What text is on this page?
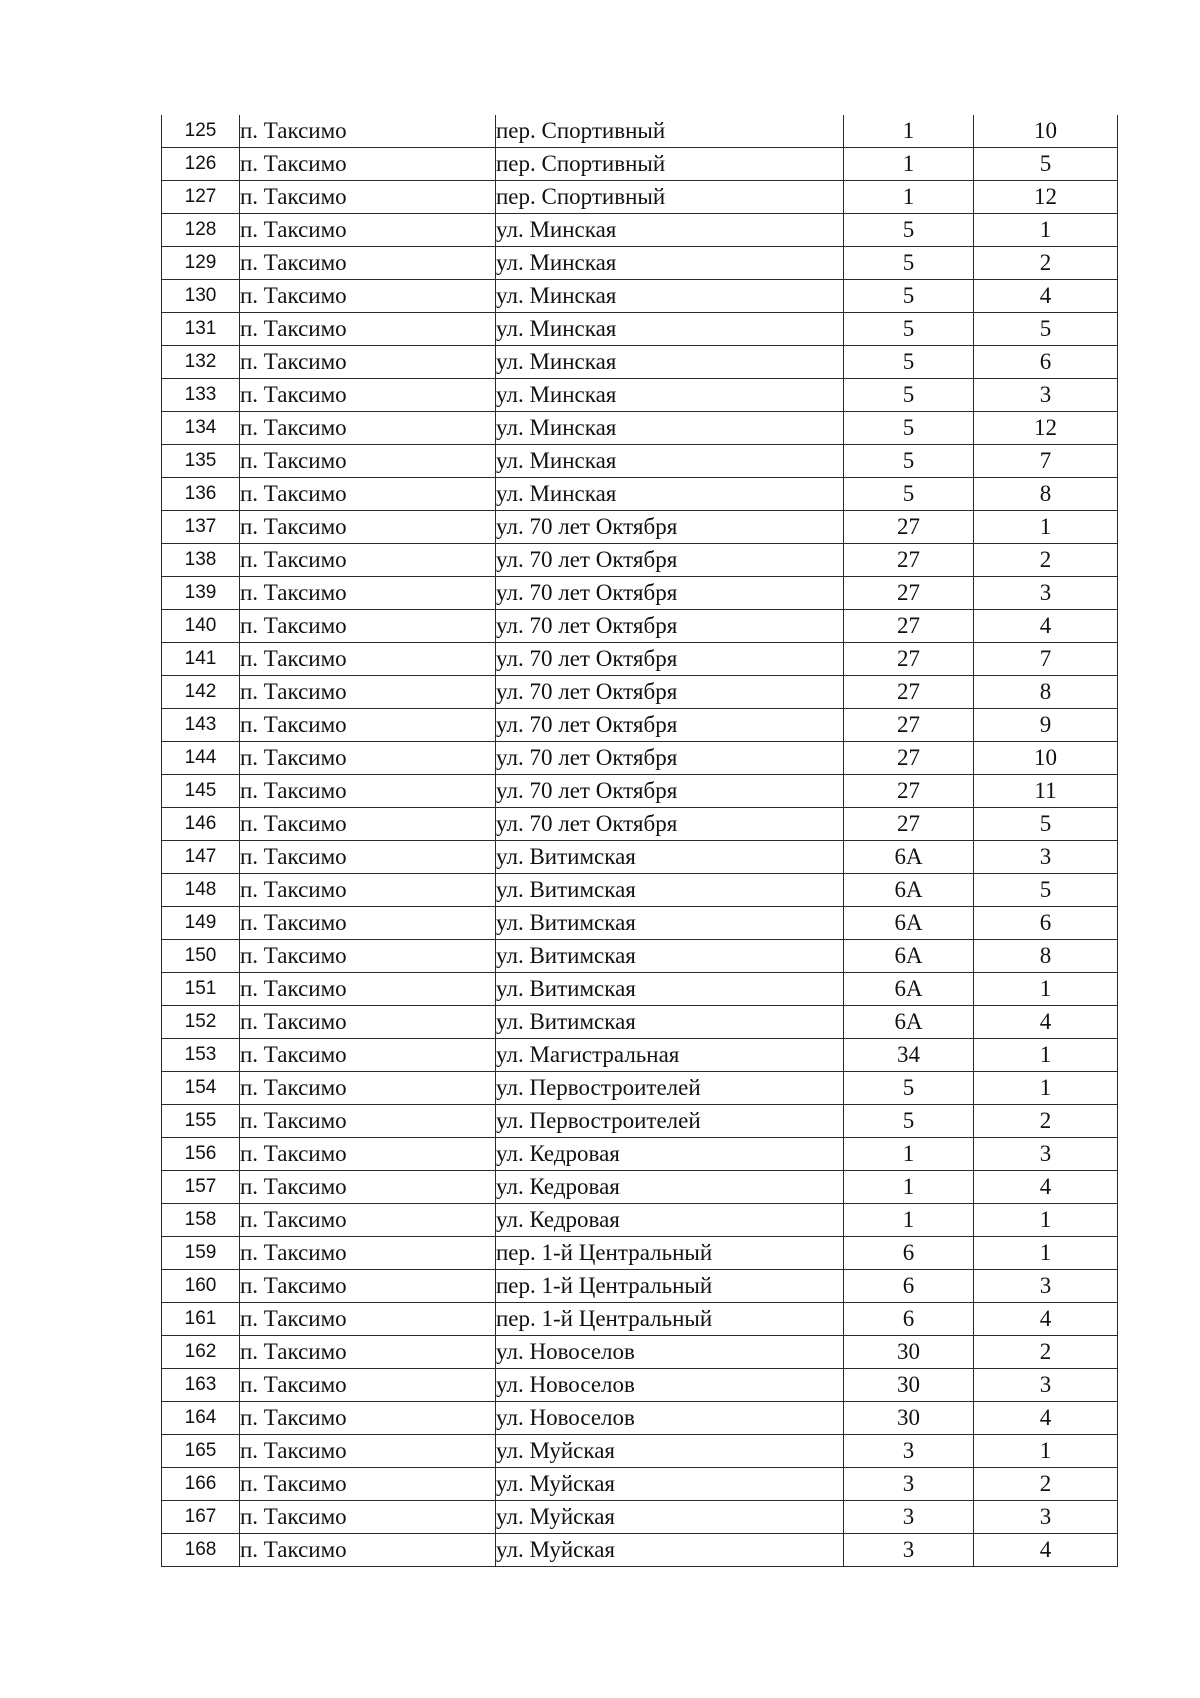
125	п. Таксимо	пер. Спортивный	1	10
126	п. Таксимо	пер. Спортивный	1	5
127	п. Таксимо	пер. Спортивный	1	12
128	п. Таксимо	ул. Минская	5	1
129	п. Таксимо	ул. Минская	5	2
130	п. Таксимо	ул. Минская	5	4
131	п. Таксимо	ул. Минская	5	5
132	п. Таксимо	ул. Минская	5	6
133	п. Таксимо	ул. Минская	5	3
134	п. Таксимо	ул. Минская	5	12
135	п. Таксимо	ул. Минская	5	7
136	п. Таксимо	ул. Минская	5	8
137	п. Таксимо	ул. 70 лет Октября	27	1
138	п. Таксимо	ул. 70 лет Октября	27	2
139	п. Таксимо	ул. 70 лет Октября	27	3
140	п. Таксимо	ул. 70 лет Октября	27	4
141	п. Таксимо	ул. 70 лет Октября	27	7
142	п. Таксимо	ул. 70 лет Октября	27	8
143	п. Таксимо	ул. 70 лет Октября	27	9
144	п. Таксимо	ул. 70 лет Октября	27	10
145	п. Таксимо	ул. 70 лет Октября	27	11
146	п. Таксимо	ул. 70 лет Октября	27	5
147	п. Таксимо	ул. Витимская	6А	3
148	п. Таксимо	ул. Витимская	6А	5
149	п. Таксимо	ул. Витимская	6А	6
150	п. Таксимо	ул. Витимская	6А	8
151	п. Таксимо	ул. Витимская	6А	1
152	п. Таксимо	ул. Витимская	6А	4
153	п. Таксимо	ул. Магистральная	34	1
154	п. Таксимо	ул. Первостроителей	5	1
155	п. Таксимо	ул. Первостроителей	5	2
156	п. Таксимо	ул. Кедровая	1	3
157	п. Таксимо	ул. Кедровая	1	4
158	п. Таксимо	ул. Кедровая	1	1
159	п. Таксимо	пер. 1-й Центральный	6	1
160	п. Таксимо	пер. 1-й Центральный	6	3
161	п. Таксимо	пер. 1-й Центральный	6	4
162	п. Таксимо	ул. Новоселов	30	2
163	п. Таксимо	ул. Новоселов	30	3
164	п. Таксимо	ул. Новоселов	30	4
165	п. Таксимо	ул. Муйская	3	1
166	п. Таксимо	ул. Муйская	3	2
167	п. Таксимо	ул. Муйская	3	3
168	п. Таксимо	ул. Муйская	3	4
